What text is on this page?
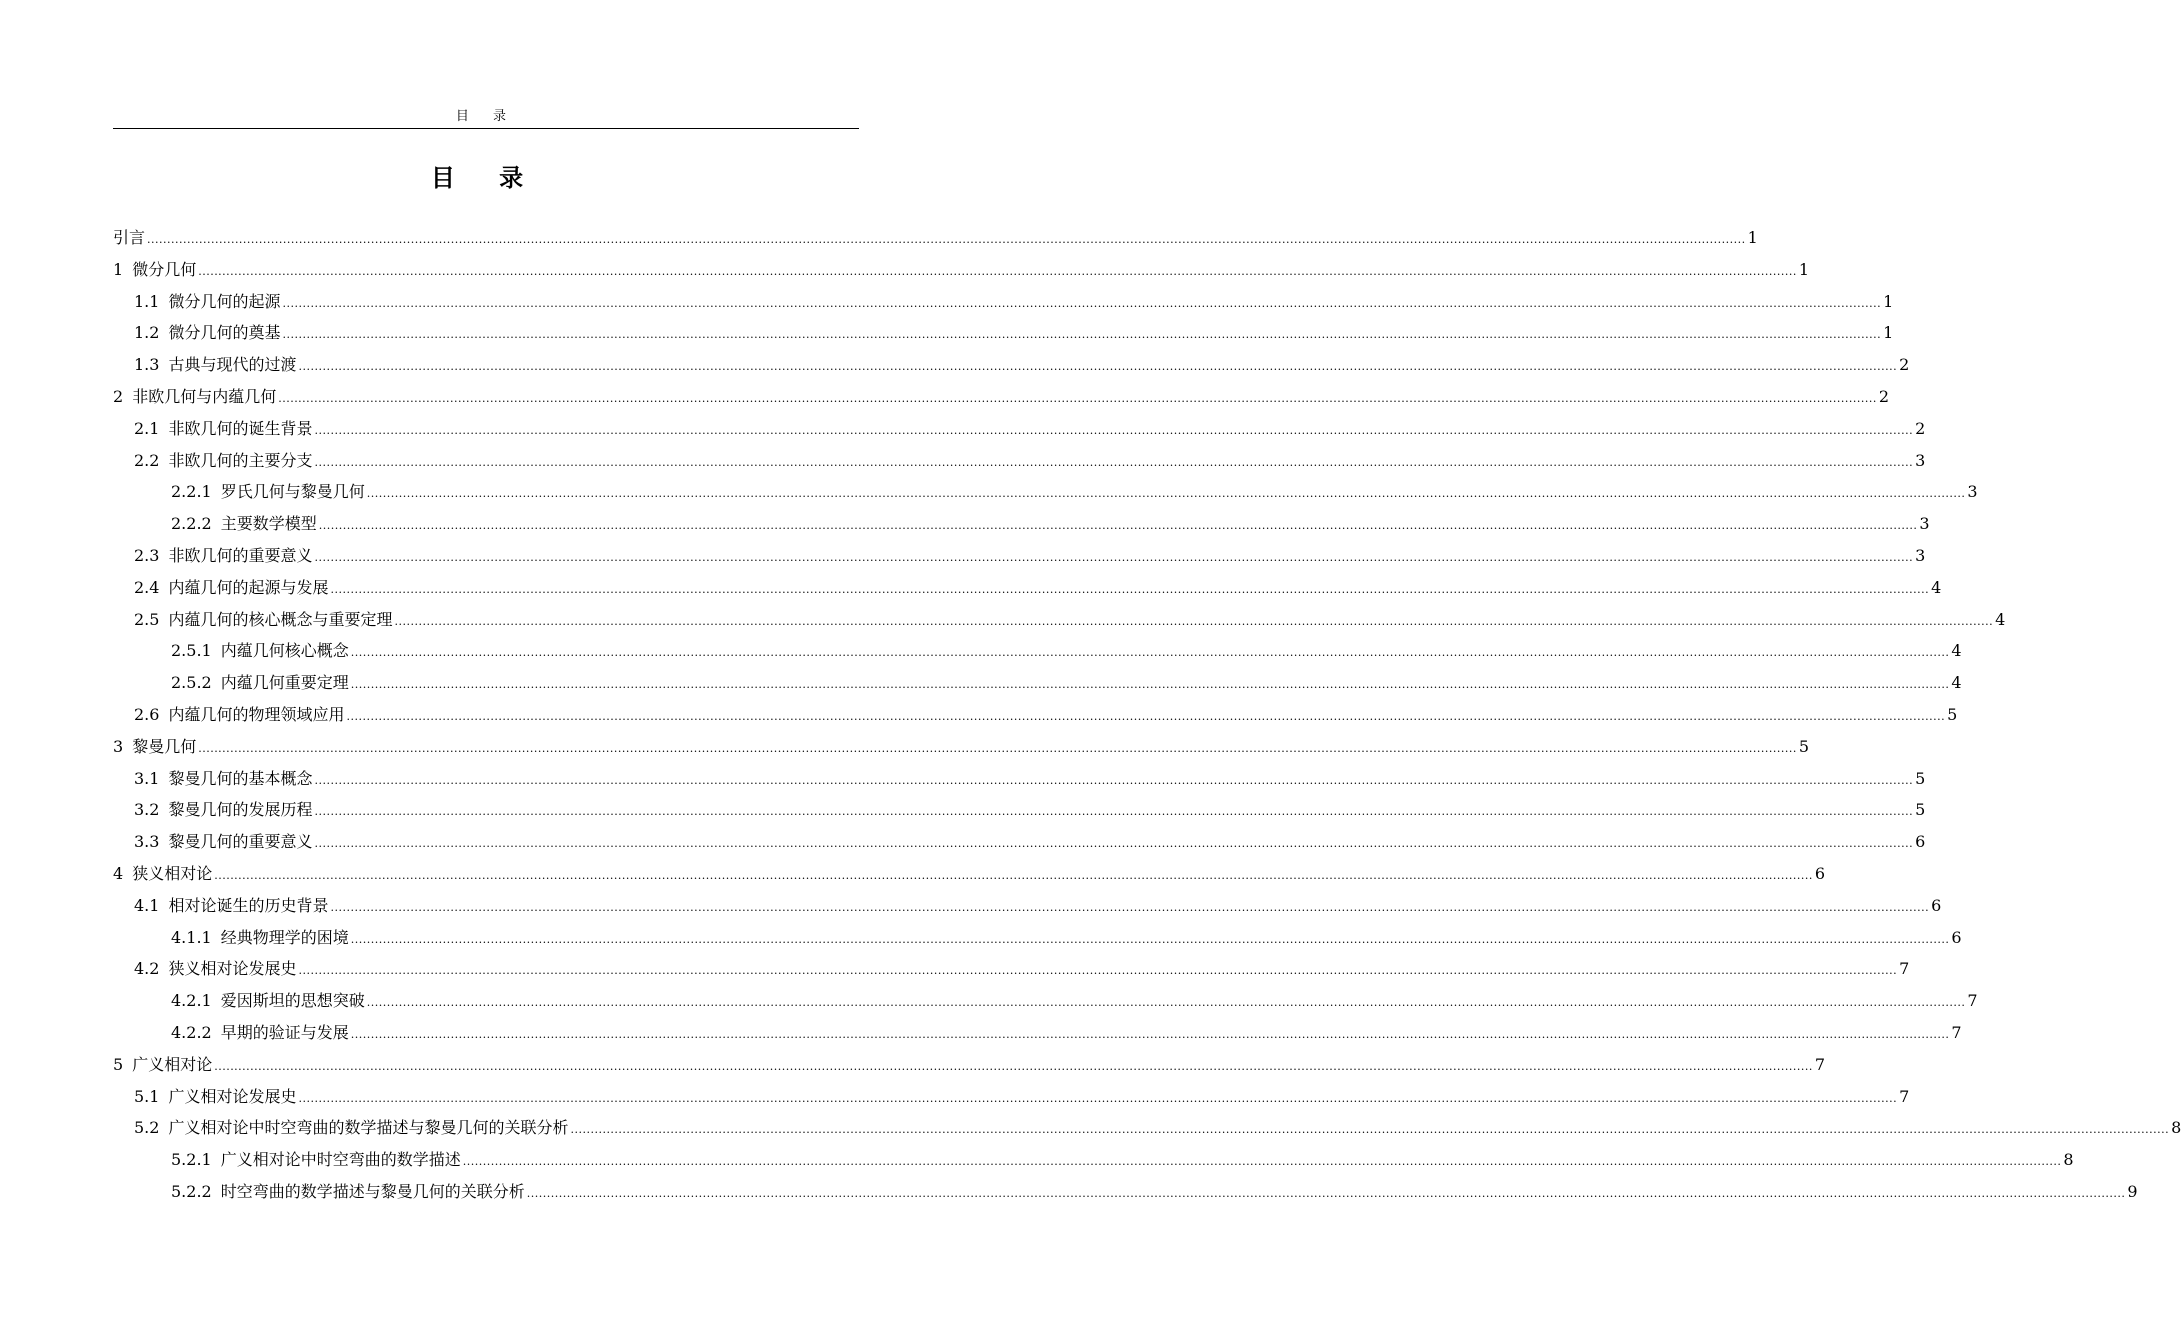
目 录
目 录
引言 ................................................................................................................................................................................................................................................................................................................................................................................................................ 1
1 微分几何 ................................................................................................................................................................................................................................................................................................................................................................................................................ 1
1.1 微分几何的起源 ................................................................................................................................................................................................................................................................................................................................................................................................................ 1
1.2 微分几何的奠基 ................................................................................................................................................................................................................................................................................................................................................................................................................ 1
1.3 古典与现代的过渡 ................................................................................................................................................................................................................................................................................................................................................................................................................ 2
2 非欧几何与内蕴几何 ................................................................................................................................................................................................................................................................................................................................................................................................................ 2
2.1 非欧几何的诞生背景 ................................................................................................................................................................................................................................................................................................................................................................................................................ 2
2.2 非欧几何的主要分支 ................................................................................................................................................................................................................................................................................................................................................................................................................ 3
2.2.1 罗氏几何与黎曼几何 ................................................................................................................................................................................................................................................................................................................................................................................................................ 3
2.2.2 主要数学模型 ................................................................................................................................................................................................................................................................................................................................................................................................................ 3
2.3 非欧几何的重要意义 ................................................................................................................................................................................................................................................................................................................................................................................................................ 3
2.4 内蕴几何的起源与发展 ................................................................................................................................................................................................................................................................................................................................................................................................................ 4
2.5 内蕴几何的核心概念与重要定理 ................................................................................................................................................................................................................................................................................................................................................................................................................ 4
2.5.1 内蕴几何核心概念 ................................................................................................................................................................................................................................................................................................................................................................................................................ 4
2.5.2 内蕴几何重要定理 ................................................................................................................................................................................................................................................................................................................................................................................................................ 4
2.6 内蕴几何的物理领域应用 ................................................................................................................................................................................................................................................................................................................................................................................................................ 5
3 黎曼几何 ................................................................................................................................................................................................................................................................................................................................................................................................................ 5
3.1 黎曼几何的基本概念 ................................................................................................................................................................................................................................................................................................................................................................................................................ 5
3.2 黎曼几何的发展历程 ................................................................................................................................................................................................................................................................................................................................................................................................................ 5
3.3 黎曼几何的重要意义 ................................................................................................................................................................................................................................................................................................................................................................................................................ 6
4 狭义相对论 ................................................................................................................................................................................................................................................................................................................................................................................................................ 6
4.1 相对论诞生的历史背景 ................................................................................................................................................................................................................................................................................................................................................................................................................ 6
4.1.1 经典物理学的困境 ................................................................................................................................................................................................................................................................................................................................................................................................................ 6
4.2 狭义相对论发展史 ................................................................................................................................................................................................................................................................................................................................................................................................................ 7
4.2.1 爱因斯坦的思想突破 ................................................................................................................................................................................................................................................................................................................................................................................................................ 7
4.2.2 早期的验证与发展 ................................................................................................................................................................................................................................................................................................................................................................................................................ 7
5 广义相对论 ................................................................................................................................................................................................................................................................................................................................................................................................................ 7
5.1 广义相对论发展史 ................................................................................................................................................................................................................................................................................................................................................................................................................ 7
5.2 广义相对论中时空弯曲的数学描述与黎曼几何的关联分析 ................................................................................................................................................................................................................................................................................................................................................................................................................ 8
5.2.1 广义相对论中时空弯曲的数学描述 ................................................................................................................................................................................................................................................................................................................................................................................................................ 8
5.2.2 时空弯曲的数学描述与黎曼几何的关联分析 ................................................................................................................................................................................................................................................................................................................................................................................................................ 9
